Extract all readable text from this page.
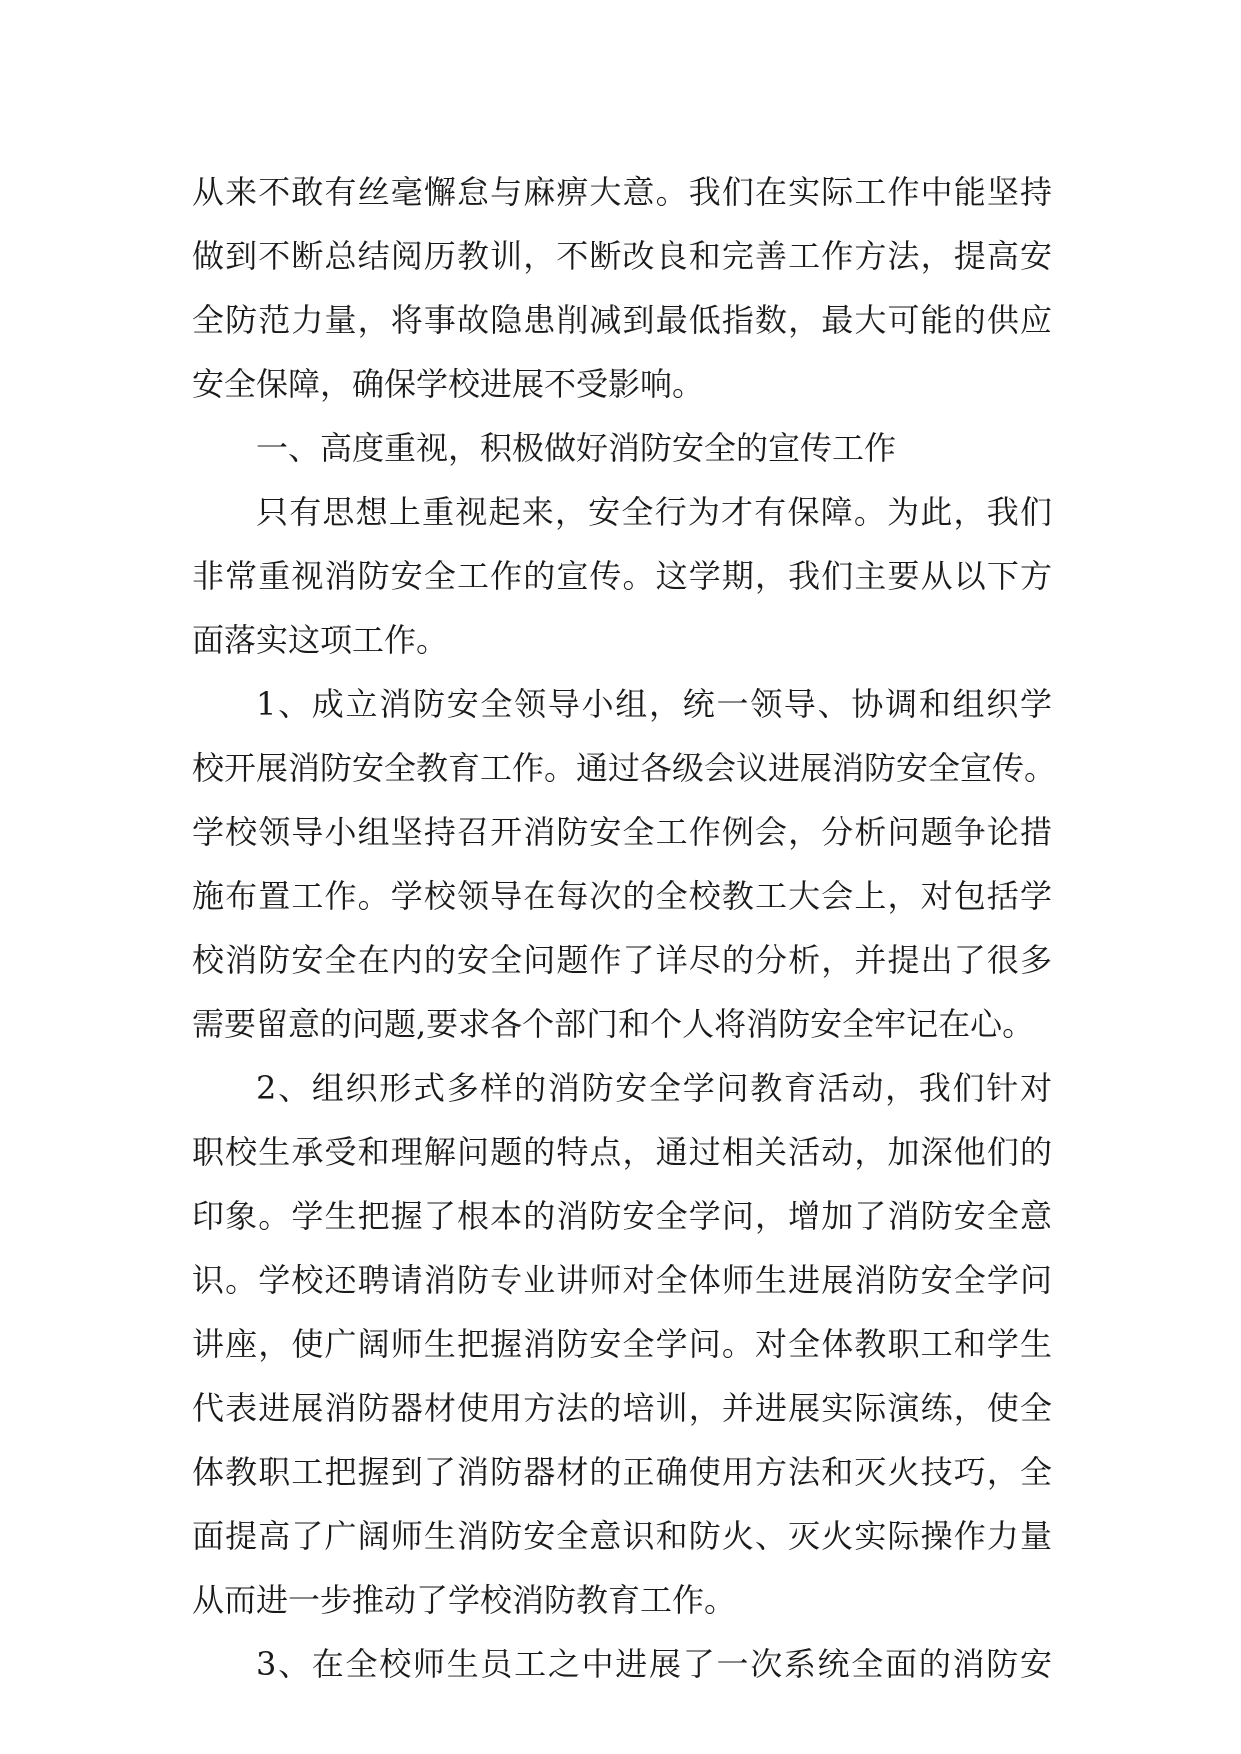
从来不敢有丝毫懈怠与麻痹大意。我们在实际工作中能坚持
做到不断总结阅历教训，不断改良和完善工作方法，提高安
全防范力量，将事故隐患削减到最低指数，最大可能的供应
安全保障，确保学校进展不受影响。
一、高度重视，积极做好消防安全的宣传工作
只有思想上重视起来，安全行为才有保障。为此，我们
非常重视消防安全工作的宣传。这学期，我们主要从以下方
面落实这项工作。
1、成立消防安全领导小组，统一领导、协调和组织学
校开展消防安全教育工作。通过各级会议进展消防安全宣传。
学校领导小组坚持召开消防安全工作例会，分析问题争论措
施布置工作。学校领导在每次的全校教工大会上，对包括学
校消防安全在内的安全问题作了详尽的分析，并提出了很多
需要留意的问题,要求各个部门和个人将消防安全牢记在心。
2、组织形式多样的消防安全学问教育活动，我们针对
职校生承受和理解问题的特点，通过相关活动，加深他们的
印象。学生把握了根本的消防安全学问，增加了消防安全意
识。学校还聘请消防专业讲师对全体师生进展消防安全学问
讲座，使广阔师生把握消防安全学问。对全体教职工和学生
代表进展消防器材使用方法的培训，并进展实际演练，使全
体教职工把握到了消防器材的正确使用方法和灭火技巧，全
面提高了广阔师生消防安全意识和防火、灭火实际操作力量
从而进一步推动了学校消防教育工作。
3、在全校师生员工之中进展了一次系统全面的消防安
